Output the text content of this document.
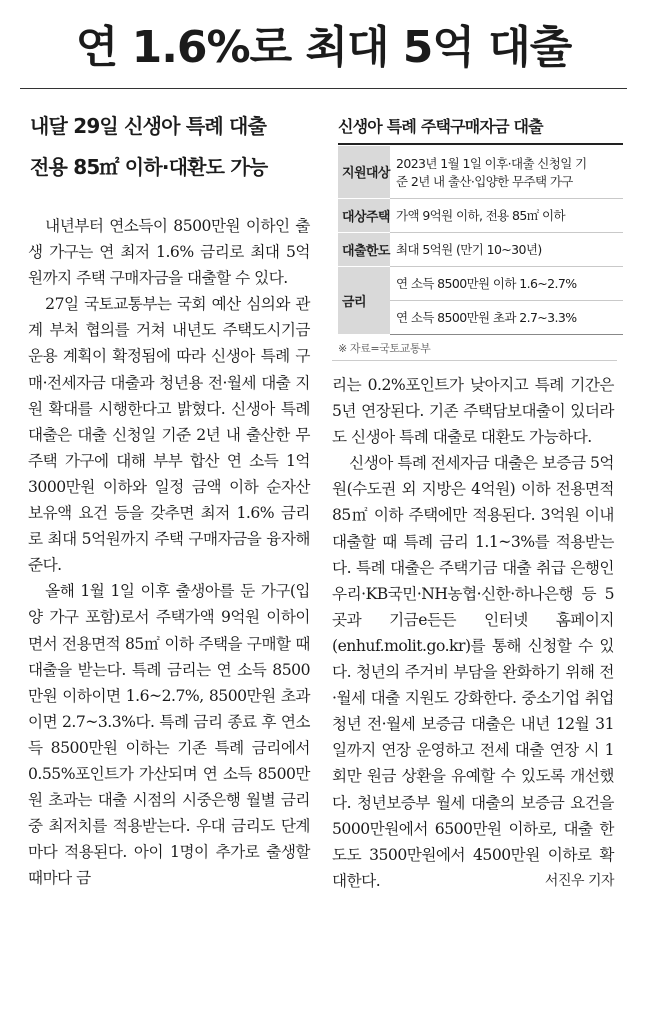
연 1.6%로 최대 5억 대출
내달 29일 신생아 특례 대출
전용 85㎡ 이하·대환도 가능
신생아 특례 주택구매자금 대출
지원대상	2023년 1월 1일 이후·대출 신청일 기
준 2년 내 출산·입양한 무주택 가구

대상주택	가액 9억원 이하, 전용 85㎡ 이하
대출한도	최대 5억원 (만기 10~30년)
금리	연 소득 8500만원 이하 1.6~2.7%
	연 소득 8500만원 초과 2.7~3.3%
※ 자료=국토교통부

내년부터 연소득이 8500만원 이하인 출생 가구는 연 최저 1.6% 금리로 최대 5억원까지 주택 구매자금을 대출할 수 있다.

27일 국토교통부는 국회 예산 심의와 관계 부처 협의를 거쳐 내년도 주택도시기금 운용 계획이 확정됨에 따라 신생아 특례 구매·전세자금 대출과 청년용 전·월세 대출 지원 확대를 시행한다고 밝혔다. 신생아 특례 대출은 대출 신청일 기준 2년 내 출산한 무주택 가구에 대해 부부 합산 연 소득 1억 3000만원 이하와 일정 금액 이하 순자산 보유액 요건 등을 갖추면 최저 1.6% 금리로 최대 5억원까지 주택 구매자금을 융자해 준다.

올해 1월 1일 이후 출생아를 둔 가구(입양 가구 포함)로서 주택가액 9억원 이하이면서 전용면적 85㎡ 이하 주택을 구매할 때 대출을 받는다. 특례 금리는 연 소득 8500만원 이하이면 1.6~2.7%, 8500만원 초과이면 2.7~3.3%다. 특례 금리 종료 후 연소득 8500만원 이하는 기존 특례 금리에서 0.55%포인트가 가산되며 연 소득 8500만원 초과는 대출 시점의 시중은행 월별 금리 중 최저치를 적용받는다. 우대 금리도 단계마다 적용된다. 아이 1명이 추가로 출생할 때마다 금

리는 0.2%포인트가 낮아지고 특례 기간은 5년 연장된다. 기존 주택담보대출이 있더라도 신생아 특례 대출로 대환도 가능하다.

신생아 특례 전세자금 대출은 보증금 5억원(수도권 외 지방은 4억원) 이하 전용면적 85㎡ 이하 주택에만 적용된다. 3억원 이내 대출할 때 특례 금리 1.1~3%를 적용받는다. 특례 대출은 주택기금 대출 취급 은행인 우리·KB국민·NH농협·신한·하나은행 등 5곳과 기금e든든 인터넷 홈페이지(enhuf.molit.go.kr)를 통해 신청할 수 있다. 청년의 주거비 부담을 완화하기 위해 전·월세 대출 지원도 강화한다. 중소기업 취업 청년 전·월세 보증금 대출은 내년 12월 31일까지 연장 운영하고 전세 대출 연장 시 1회만 원금 상환을 유예할 수 있도록 개선했다. 청년보증부 월세 대출의 보증금 요건을 5000만원에서 6500만원 이하로, 대출 한도도 3500만원에서 4500만원 이하로 확대한다.	서진우 기자
